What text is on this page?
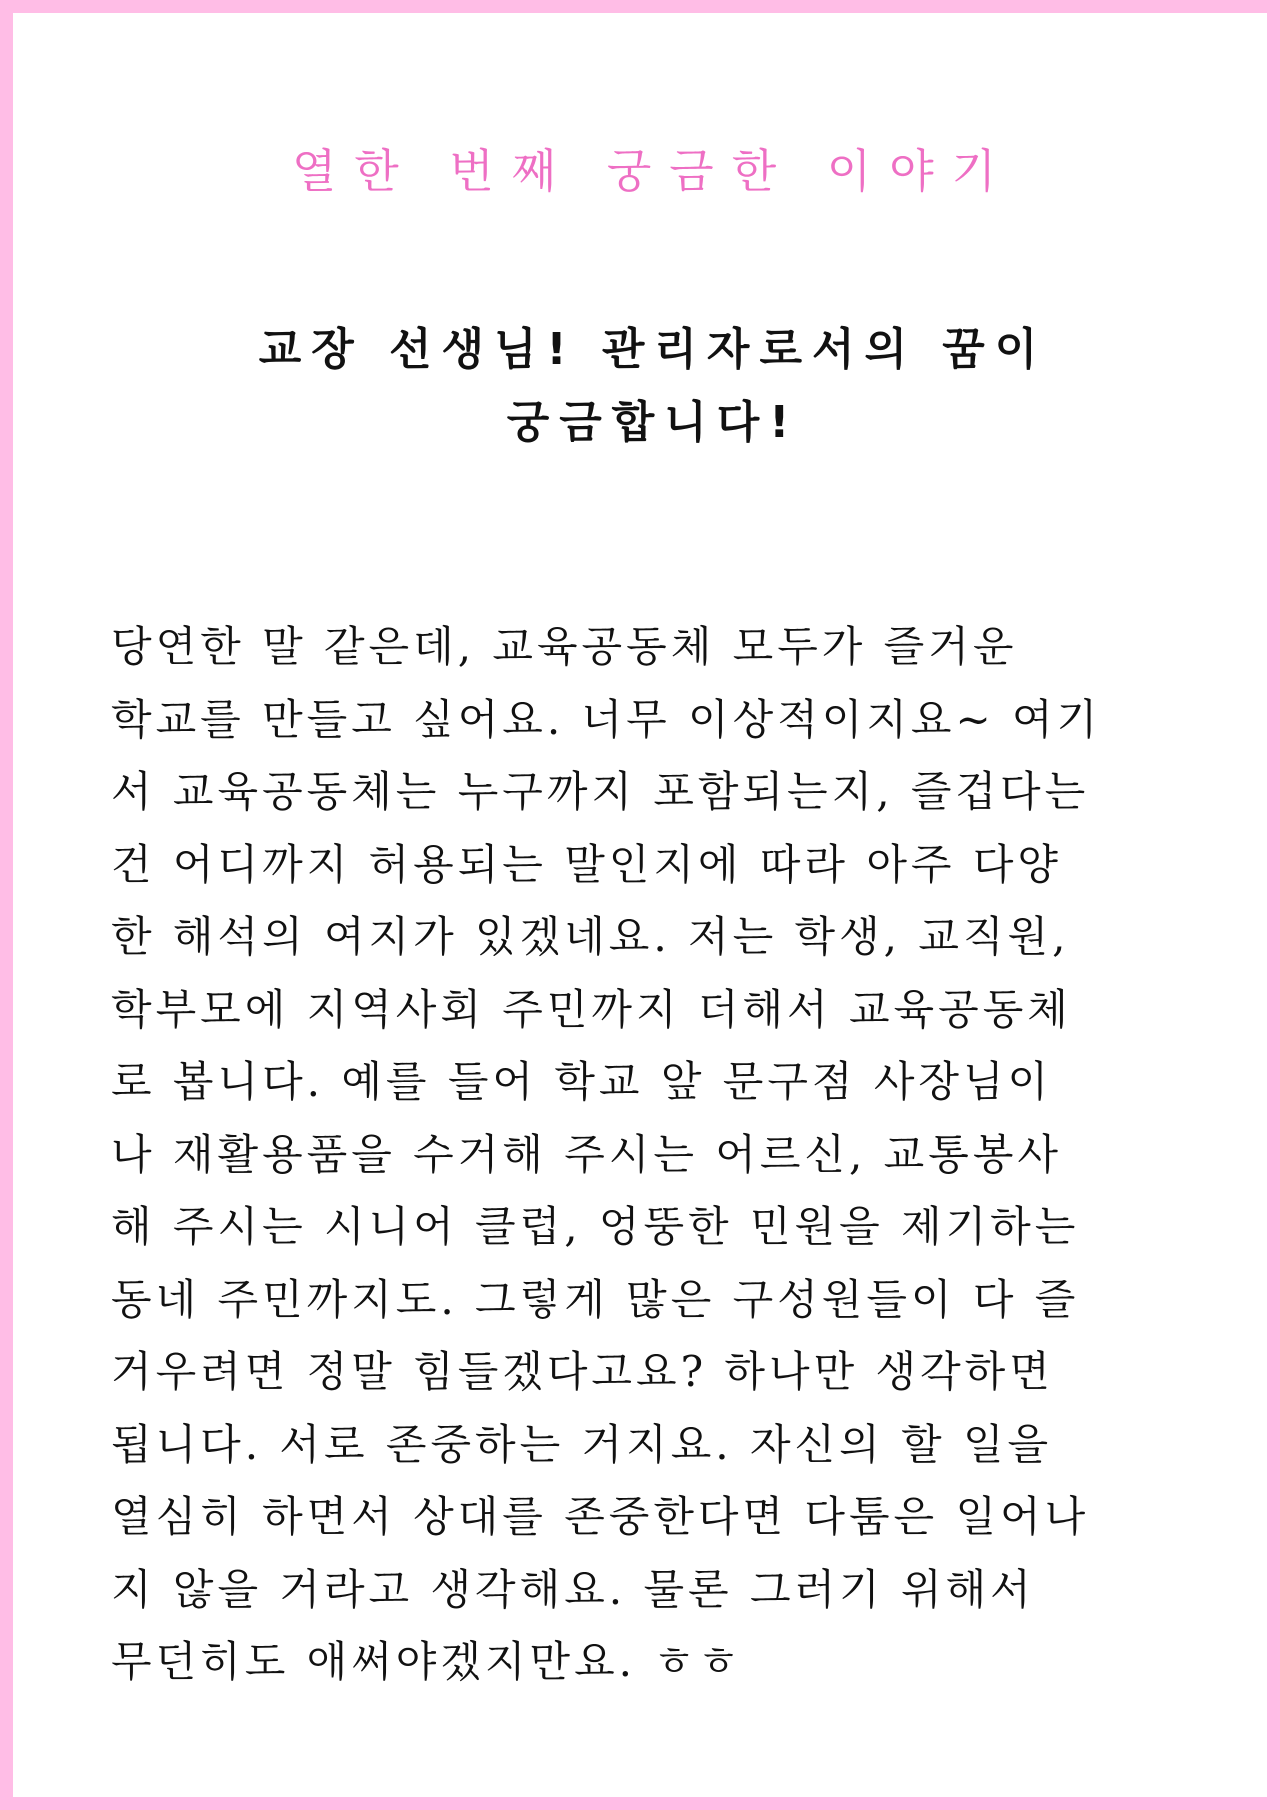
열한 번째 궁금한 이야기
교장 선생님! 관리자로서의 꿈이
궁금합니다!
당연한 말 같은데, 교육공동체 모두가 즐거운
학교를 만들고 싶어요. 너무 이상적이지요~ 여기
서 교육공동체는 누구까지 포함되는지, 즐겁다는
건 어디까지 허용되는 말인지에 따라 아주 다양
한 해석의 여지가 있겠네요. 저는 학생, 교직원,
학부모에 지역사회 주민까지 더해서 교육공동체
로 봅니다. 예를 들어 학교 앞 문구점 사장님이
나 재활용품을 수거해 주시는 어르신, 교통봉사
해 주시는 시니어 클럽, 엉뚱한 민원을 제기하는
동네 주민까지도. 그렇게 많은 구성원들이 다 즐
거우려면 정말 힘들겠다고요? 하나만 생각하면
됩니다. 서로 존중하는 거지요. 자신의 할 일을
열심히 하면서 상대를 존중한다면 다툼은 일어나
지 않을 거라고 생각해요. 물론 그러기 위해서
무던히도 애써야겠지만요. ㅎㅎ
